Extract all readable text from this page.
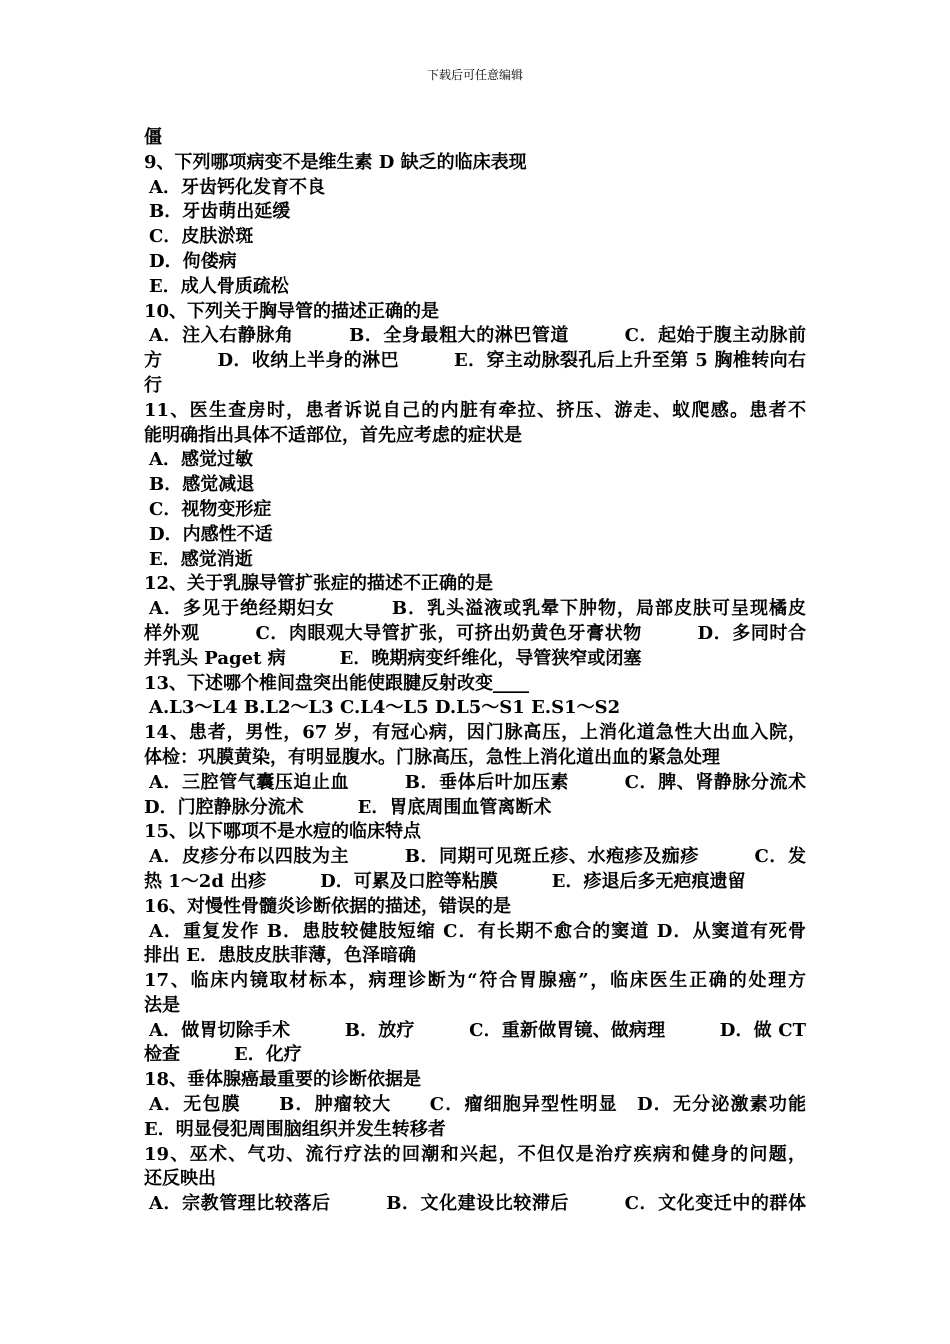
下载后可任意编辑
僵
9、下列哪项病变不是维生素 D 缺乏的临床表现
A．牙齿钙化发育不良
B．牙齿萌出延缓
C．皮肤淤斑
D．佝偻病
E．成人骨质疏松
10、下列关于胸导管的描述正确的是
A．注入右静脉角　　　B．全身最粗大的淋巴管道　　　C．起始于腹主动脉前
方　　　D．收纳上半身的淋巴　　　E．穿主动脉裂孔后上升至第 5 胸椎转向右
行
11、医生查房时，患者诉说自己的内脏有牵拉、挤压、游走、蚁爬感。患者不
能明确指出具体不适部位，首先应考虑的症状是
A．感觉过敏
B．感觉减退
C．视物变形症
D．内感性不适
E．感觉消逝
12、关于乳腺导管扩张症的描述不正确的是
A．多见于绝经期妇女　　　B．乳头溢液或乳晕下肿物，局部皮肤可呈现橘皮
样外观　　　C．肉眼观大导管扩张，可挤出奶黄色牙膏状物　　　D．多同时合
并乳头 Paget 病　　　E．晚期病变纤维化，导管狭窄或闭塞
13、下述哪个椎间盘突出能使跟腱反射改变____
A.L3～L4 B.L2～L3 C.L4～L5 D.L5～S1 E.S1～S2
14、患者，男性，67 岁，有冠心病，因门脉高压，上消化道急性大出血入院，
体检：巩膜黄染，有明显腹水。门脉高压，急性上消化道出血的紧急处理
A．三腔管气囊压迫止血　　　B．垂体后叶加压素　　　C．脾、肾静脉分流术
D．门腔静脉分流术　　　E．胃底周围血管离断术
15、以下哪项不是水痘的临床特点
A．皮疹分布以四肢为主　　　B．同期可见斑丘疹、水疱疹及痂疹　　　C．发
热 1～2d 出疹　　　D．可累及口腔等粘膜　　　E．疹退后多无疤痕遗留
16、对慢性骨髓炎诊断依据的描述，错误的是
A．重复发作 B．患肢较健肢短缩 C．有长期不愈合的窦道 D．从窦道有死骨
排出 E．患肢皮肤菲薄，色泽暗确
17、临床内镜取材标本，病理诊断为“符合胃腺癌”，临床医生正确的处理方
法是
A．做胃切除手术　　　B．放疗　　　C．重新做胃镜、做病理　　　D．做 CT
检查　　　E．化疗
18、垂体腺癌最重要的诊断依据是
A．无包膜　　B．肿瘤较大　　C．瘤细胞异型性明显　D．无分泌激素功能
E．明显侵犯周围脑组织并发生转移者
19、巫术、气功、流行疗法的回潮和兴起，不但仅是治疗疾病和健身的问题，
还反映出
A．宗教管理比较落后　　　B．文化建设比较滞后　　　C．文化变迁中的群体
